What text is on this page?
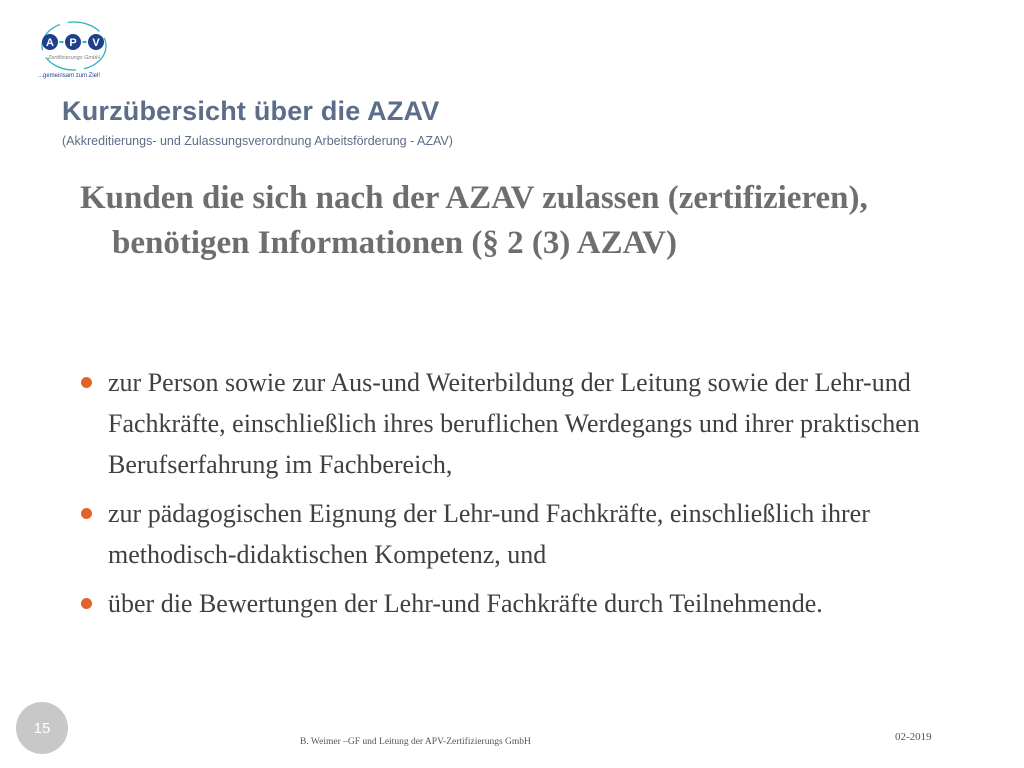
A P V
Zertifizierungs GmbH
...gemeinsam zum Ziel!
Kurzübersicht über die AZAV
(Akkreditierungs- und Zulassungsverordnung Arbeitsförderung - AZAV)
Kunden die sich nach der AZAV zulassen (zertifizieren), benötigen Informationen (§ 2 (3) AZAV)
zur Person sowie zur Aus-und Weiterbildung der Leitung sowie der Lehr-und Fachkräfte, einschließlich ihres beruflichen Werdegangs und ihrer praktischen Berufserfahrung im Fachbereich,
zur pädagogischen Eignung der Lehr-und Fachkräfte, einschließlich ihrer methodisch-didaktischen Kompetenz, und
über die Bewertungen der Lehr-und Fachkräfte durch Teilnehmende.
15
B. Weimer –GF und Leitung der APV-Zertifizierungs GmbH	02-2019
